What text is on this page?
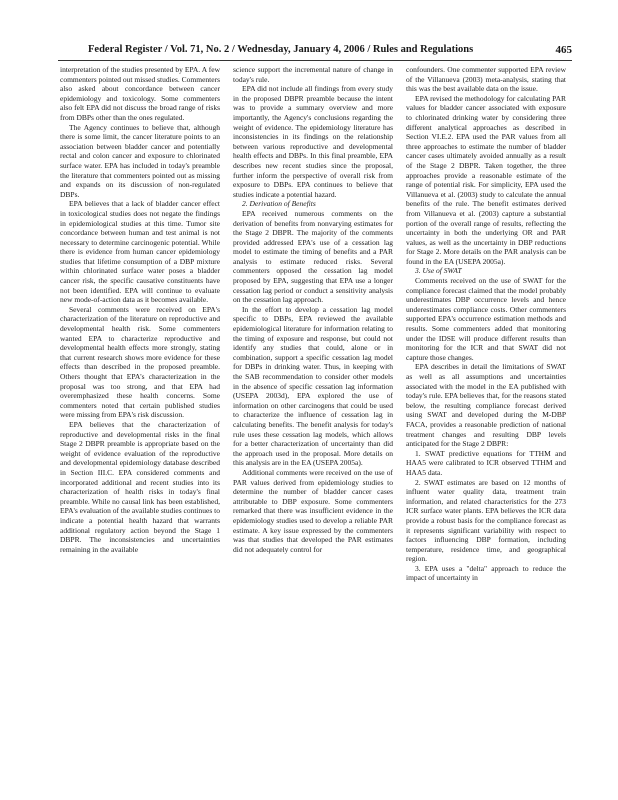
Federal Register / Vol. 71, No. 2 / Wednesday, January 4, 2006 / Rules and Regulations	465

interpretation of the studies presented by EPA. A few commenters pointed out missed studies. Commenters also asked about concordance between cancer epidemiology and toxicology. Some commenters also felt EPA did not discuss the broad range of risks from DBPs other than the ones regulated.

The Agency continues to believe that, although there is some limit, the cancer literature points to an association between bladder cancer and potentially rectal and colon cancer and exposure to chlorinated surface water. EPA has included in today's preamble the literature that commenters pointed out as missing and expands on its discussion of non-regulated DBPs.

EPA believes that a lack of bladder cancer effect in toxicological studies does not negate the findings in epidemiological studies at this time. Tumor site concordance between human and test animal is not necessary to determine carcinogenic potential. While there is evidence from human cancer epidemiology studies that lifetime consumption of a DBP mixture within chlorinated surface water poses a bladder cancer risk, the specific causative constituents have not been identified. EPA will continue to evaluate new mode-of-action data as it becomes available.

Several comments were received on EPA's characterization of the literature on reproductive and developmental health risk. Some commenters wanted EPA to characterize reproductive and developmental health effects more strongly, stating that current research shows more evidence for these effects than described in the proposed preamble. Others thought that EPA's characterization in the proposal was too strong, and that EPA had overemphasized these health concerns. Some commenters noted that certain published studies were missing from EPA's risk discussion.

EPA believes that the characterization of reproductive and developmental risks in the final Stage 2 DBPR preamble is appropriate based on the weight of evidence evaluation of the reproductive and developmental epidemiology database described in Section III.C. EPA considered comments and incorporated additional and recent studies into its characterization of health risks in today's final preamble. While no causal link has been established, EPA's evaluation of the available studies continues to indicate a potential health hazard that warrants additional regulatory action beyond the Stage 1 DBPR. The inconsistencies and uncertainties remaining in the available

science support the incremental nature of change in today's rule.

EPA did not include all findings from every study in the proposed DBPR preamble because the intent was to provide a summary overview and more importantly, the Agency's conclusions regarding the weight of evidence. The epidemiology literature has inconsistencies in its findings on the relationship between various reproductive and developmental health effects and DBPs. In this final preamble, EPA describes new recent studies since the proposal, further inform the perspective of overall risk from exposure to DBPs. EPA continues to believe that studies indicate a potential hazard.

2. Derivation of Benefits

EPA received numerous comments on the derivation of benefits from nonvarying estimates for the Stage 2 DBPR. The majority of the comments provided addressed EPA's use of a cessation lag model to estimate the timing of benefits and a PAR analysis to estimate reduced risks. Several commenters opposed the cessation lag model proposed by EPA, suggesting that EPA use a longer cessation lag period or conduct a sensitivity analysis on the cessation lag approach.

In the effort to develop a cessation lag model specific to DBPs, EPA reviewed the available epidemiological literature for information relating to the timing of exposure and response, but could not identify any studies that could, alone or in combination, support a specific cessation lag model for DBPs in drinking water. Thus, in keeping with the SAB recommendation to consider other models in the absence of specific cessation lag information (USEPA 2003d), EPA explored the use of information on other carcinogens that could be used to characterize the influence of cessation lag in calculating benefits. The benefit analysis for today's rule uses these cessation lag models, which allows for a better characterization of uncertainty than did the approach used in the proposal. More details on this analysis are in the EA (USEPA 2005a).

Additional comments were received on the use of PAR values derived from epidemiology studies to determine the number of bladder cancer cases attributable to DBP exposure. Some commenters remarked that there was insufficient evidence in the epidemiology studies used to develop a reliable PAR estimate. A key issue expressed by the commenters was that studies that developed the PAR estimates did not adequately control for

confounders. One commenter supported EPA review of the Villanueva (2003) meta-analysis, stating that this was the best available data on the issue.

EPA revised the methodology for calculating PAR values for bladder cancer associated with exposure to chlorinated drinking water by considering three different analytical approaches as described in Section VI.E.2. EPA used the PAR values from all three approaches to estimate the number of bladder cancer cases ultimately avoided annually as a result of the Stage 2 DBPR. Taken together, the three approaches provide a reasonable estimate of the range of potential risk. For simplicity, EPA used the Villanueva et al. (2003) study to calculate the annual benefits of the rule. The benefit estimates derived from Villanueva et al. (2003) capture a substantial portion of the overall range of results, reflecting the uncertainty in both the underlying OR and PAR values, as well as the uncertainty in DBP reductions for Stage 2. More details on the PAR analysis can be found in the EA (USEPA 2005a).

3. Use of SWAT

Comments received on the use of SWAT for the compliance forecast claimed that the model probably underestimates DBP occurrence levels and hence underestimates compliance costs. Other commenters supported EPA's occurrence estimation methods and results. Some commenters added that monitoring under the IDSE will produce different results than monitoring for the ICR and that SWAT did not capture those changes.

EPA describes in detail the limitations of SWAT as well as all assumptions and uncertainties associated with the model in the EA published with today's rule. EPA believes that, for the reasons stated below, the resulting compliance forecast derived using SWAT and developed during the M-DBP FACA, provides a reasonable prediction of national treatment changes and resulting DBP levels anticipated for the Stage 2 DBPR:

1. SWAT predictive equations for TTHM and HAA5 were calibrated to ICR observed TTHM and HAA5 data.

2. SWAT estimates are based on 12 months of influent water quality data, treatment train information, and related characteristics for the 273 ICR surface water plants. EPA believes the ICR data provide a robust basis for the compliance forecast as it represents significant variability with respect to factors influencing DBP formation, including temperature, residence time, and geographical region.

3. EPA uses a "delta" approach to reduce the impact of uncertainty in
